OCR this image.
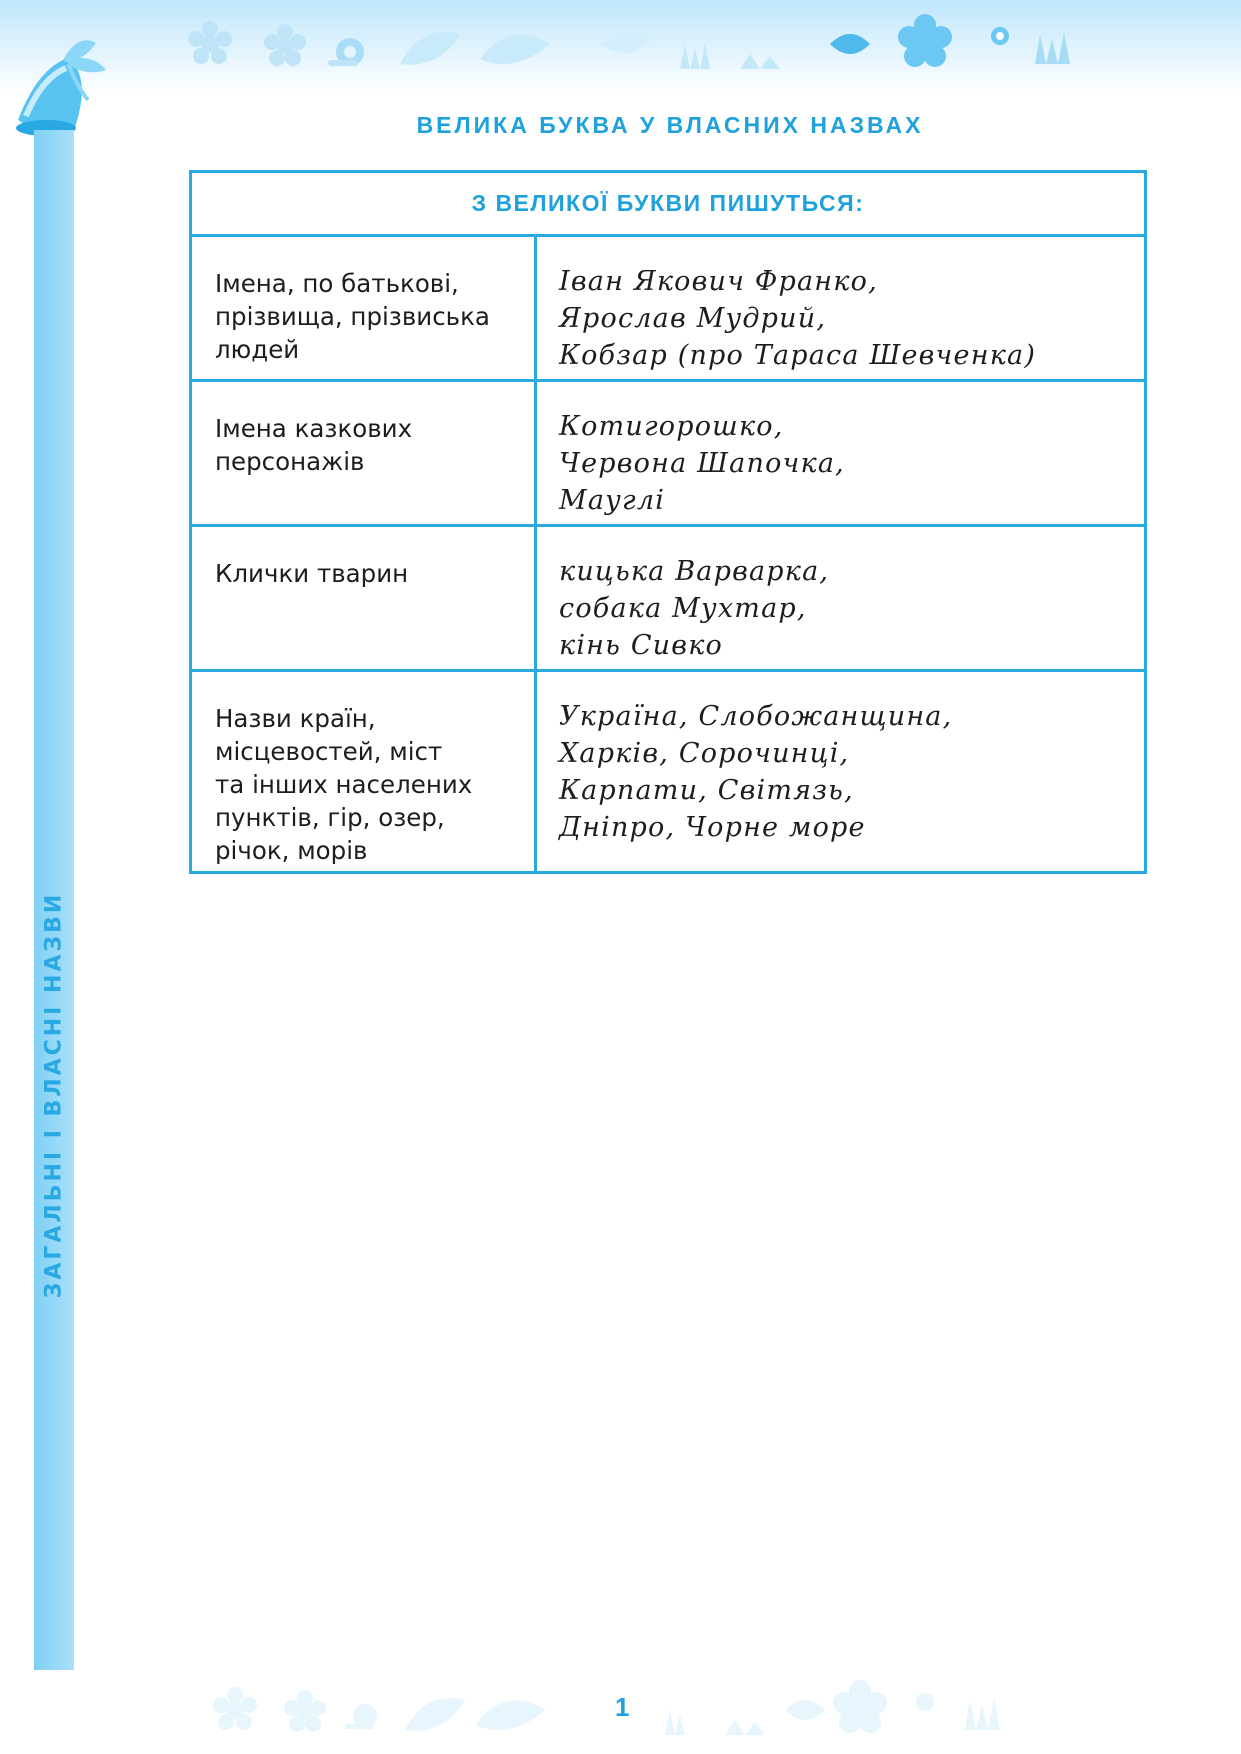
ЗАГАЛЬНІ І ВЛАСНІ НАЗВИ
ВЕЛИКА БУКВА У ВЛАСНИХ НАЗВАХ
З ВЕЛИКОЇ БУКВИ ПИШУТЬСЯ:	

Імена, по батькові,
прізвища, прізвиська
людей	Іван Якович Франко,
Ярослав Мудрий,
Кобзар (про Тараса Шевченка)

Імена казкових
персонажів	Котигорошко,
Червона Шапочка,
Мауглі

Клички тварин	кицька Варварка,
собака Мухтар,
кінь Сивко

Назви країн,
місцевостей, міст
та інших населених
пунктів, гір, озер,
річок, морів	Україна, Слобожанщина,
Харків, Сорочинці,
Карпати, Світязь,
Дніпро, Чорне море
1
